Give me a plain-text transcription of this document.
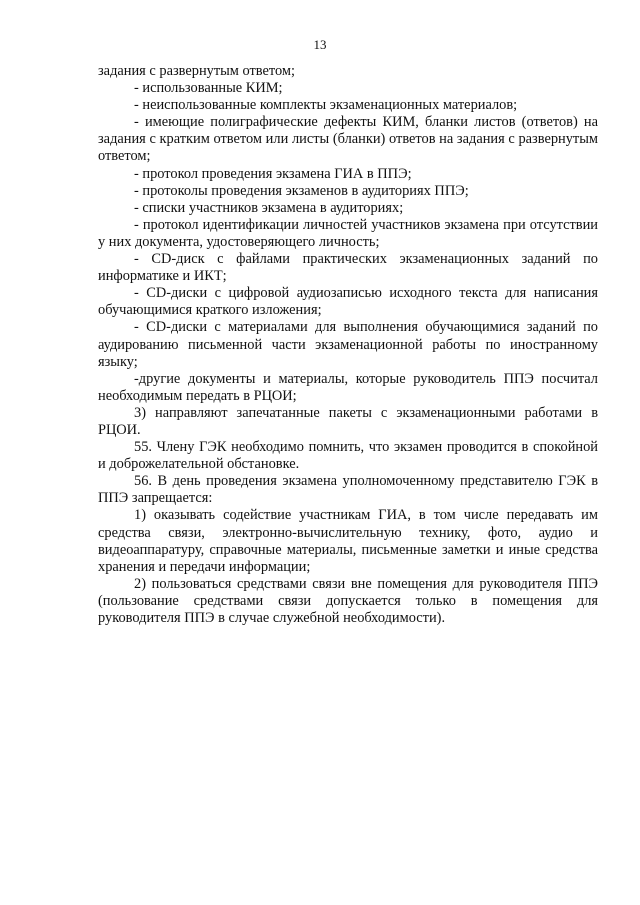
13

задания с развернутым ответом;

- использованные КИМ;

- неиспользованные комплекты экзаменационных материалов;

- имеющие полиграфические дефекты КИМ, бланки листов (ответов) на задания с кратким ответом или листы (бланки) ответов на задания с развернутым ответом;

- протокол проведения экзамена ГИА в ППЭ;

- протоколы проведения экзаменов в аудиториях ППЭ;

- списки участников экзамена в аудиториях;

- протокол идентификации личностей участников экзамена при отсутствии у них документа, удостоверяющего личность;

- CD-диск с файлами практических экзаменационных заданий по информатике и ИКТ;

- CD-диски с цифровой аудиозаписью исходного текста для написания обучающимися краткого изложения;

- CD-диски с материалами для выполнения обучающимися заданий по аудированию письменной части экзаменационной работы по иностранному языку;

-другие документы и материалы, которые руководитель ППЭ посчитал необходимым передать в РЦОИ;

3) направляют запечатанные пакеты с экзаменационными работами в РЦОИ.

55. Члену ГЭК необходимо помнить, что экзамен проводится в спокойной и доброжелательной обстановке.

56. В день проведения экзамена уполномоченному представителю ГЭК в ППЭ запрещается:

1) оказывать содействие участникам ГИА, в том числе передавать им средства связи, электронно-вычислительную технику, фото, аудио и видеоаппаратуру, справочные материалы, письменные заметки и иные средства хранения и передачи информации;

2) пользоваться средствами связи вне помещения для руководителя ППЭ (пользование средствами связи допускается только в помещения для руководителя ППЭ в случае служебной необходимости).
